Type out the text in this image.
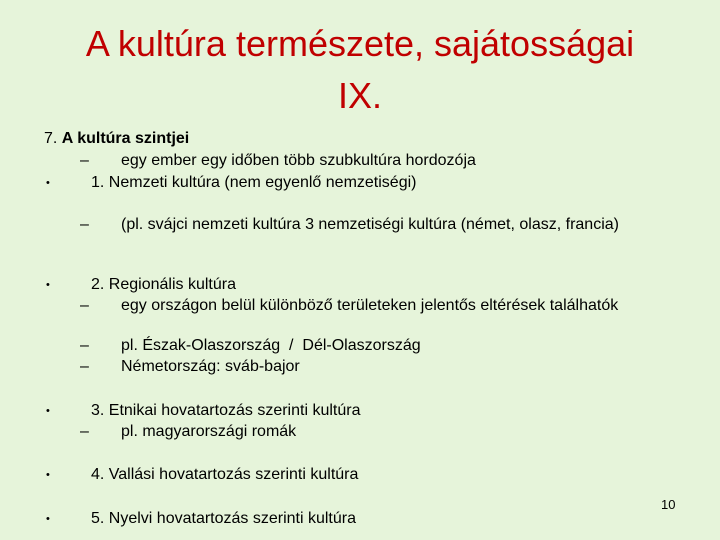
A kultúra természete, sajátosságai
IX.
7. A kultúra szintjei
– egy ember egy időben több szubkultúra hordozója
•	1. Nemzeti kultúra (nem egyenlő nemzetiségi)
– (pl. svájci nemzeti kultúra 3 nemzetiségi kultúra (német, olasz, francia)
•	2. Regionális kultúra
– egy országon belül különböző területeken jelentős eltérések találhatók
– pl. Észak-Olaszország  /  Dél-Olaszország
– Németország: sváb-bajor
•	3. Etnikai hovatartozás szerinti kultúra
– pl. magyarországi romák
•	4. Vallási hovatartozás szerinti kultúra
•	5. Nyelvi hovatartozás szerinti kultúra
10
